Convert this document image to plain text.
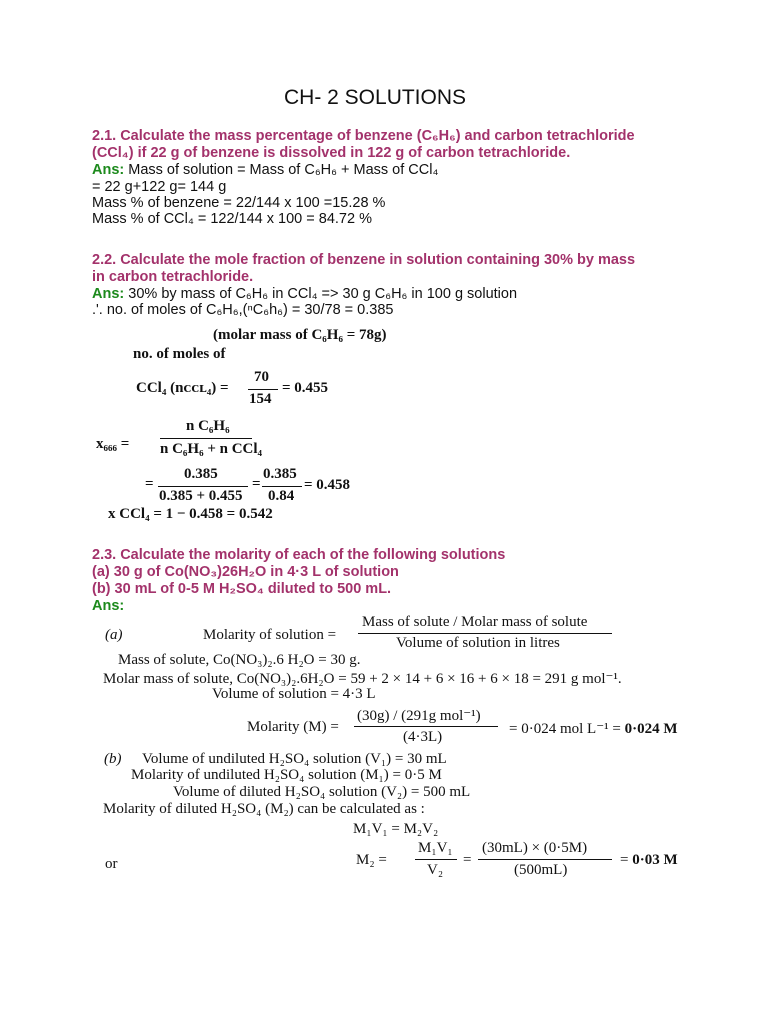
CH- 2 SOLUTIONS
2.1. Calculate the mass percentage of benzene (C₆H₆) and carbon tetrachloride
(CCl₄) if 22 g of benzene is dissolved in 122 g of carbon tetrachloride.
Ans: Mass of solution = Mass of C₆H₆ + Mass of CCl₄
= 22 g+122 g= 144 g
Mass % of benzene = 22/144 x 100 =15.28 %
Mass % of CCl₄ = 122/144 x 100 = 84.72 %
2.2. Calculate the mole fraction of benzene in solution containing 30% by mass
in carbon tetrachloride.
Ans: 30% by mass of C₆H₆ in CCl₄ => 30 g C₆H₆ in 100 g solution
.'. no. of moles of C₆H₆,(ⁿC₆h₆) = 30/78 = 0.385
(molar mass of C₆H₆ = 78g)
no. of moles of
CCl₄ (nᴄᴄʟ₄) =
70
154
= 0.455
x₆₆₆ =
n C₆H₆
n C₆H₆ + n CCl₄
0.385
=
0.385 + 0.455
=
0.385
0.84
= 0.458
x CCl₄ = 1 − 0.458 = 0.542
2.3. Calculate the molarity of each of the following solutions
(a) 30 g of Co(NO₃)26H₂O in 4·3 L of solution
(b) 30 mL of 0-5 M H₂SO₄ diluted to 500 mL.
Ans:
(a)	Molarity of solution =
Mass of solute / Molar mass of solute
Volume of solution in litres
Mass of solute, Co(NO₃)₂.6 H₂O = 30 g.
Molar mass of solute, Co(NO₃)₂.6H₂O = 59 + 2 × 14 + 6 × 16 + 6 × 18 = 291 g mol⁻¹.
Volume of solution = 4·3 L
Molarity (M) =
(30g) / (291g mol⁻¹)
(4·3L)	= 0·024 mol L⁻¹ = 0·024 M
(b) Volume of undiluted H₂SO₄ solution (V₁) = 30 mL
Molarity of undiluted H₂SO₄ solution (M₁) = 0·5 M
Volume of diluted H₂SO₄ solution (V₂) = 500 mL
Molarity of diluted H₂SO₄ (M₂) can be calculated as :
M₁V₁ = M₂V₂
or	M₂ =
M₁V₁
V₂
=
(30mL) × (0·5M)
(500mL)
= 0·03 M
